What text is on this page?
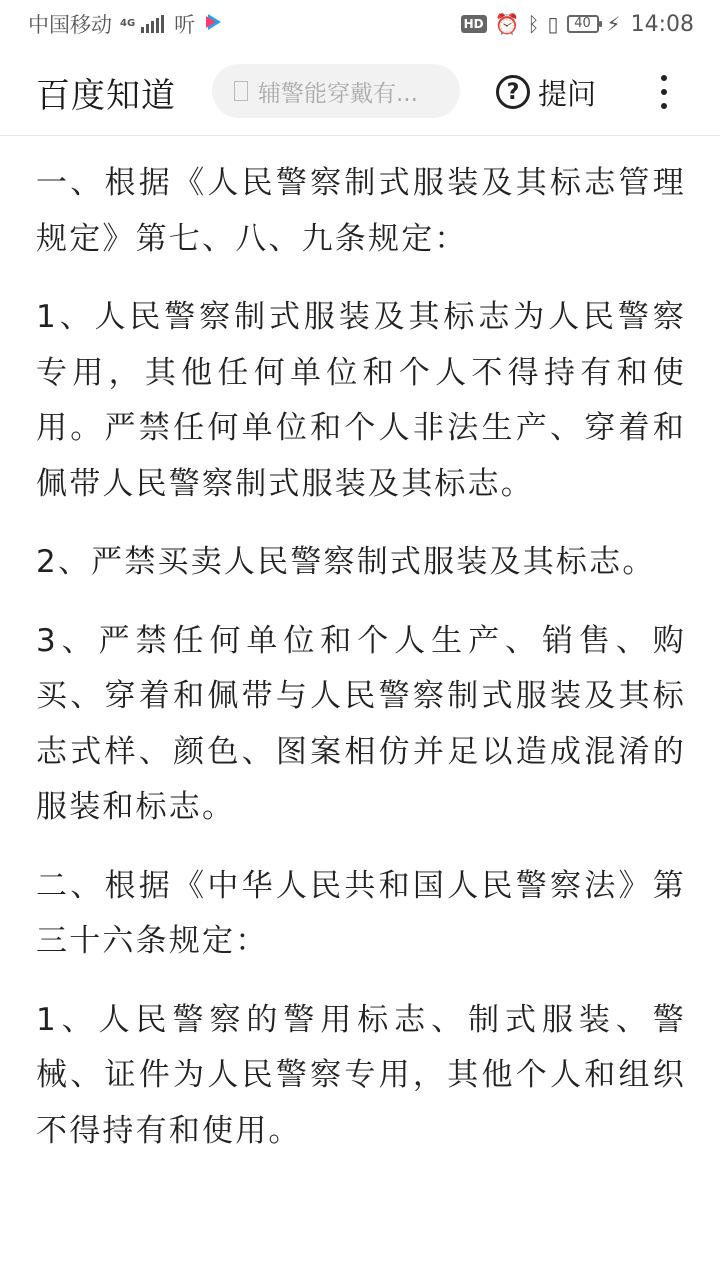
中国移动 4G 听	HD ⏰ ᛒ ▯	40 ⚡ 14:08
百度知道	辅警能穿戴有...	? 提问

一、根据《人民警察制式服装及其标志管理规定》第七、八、九条规定：

1、人民警察制式服装及其标志为人民警察专用，其他任何单位和个人不得持有和使用。严禁任何单位和个人非法生产、穿着和佩带人民警察制式服装及其标志。

2、严禁买卖人民警察制式服装及其标志。

3、严禁任何单位和个人生产、销售、购买、穿着和佩带与人民警察制式服装及其标志式样、颜色、图案相仿并足以造成混淆的服装和标志。

二、根据《中华人民共和国人民警察法》第三十六条规定：

1、人民警察的警用标志、制式服装、警械、证件为人民警察专用，其他个人和组织不得持有和使用。
